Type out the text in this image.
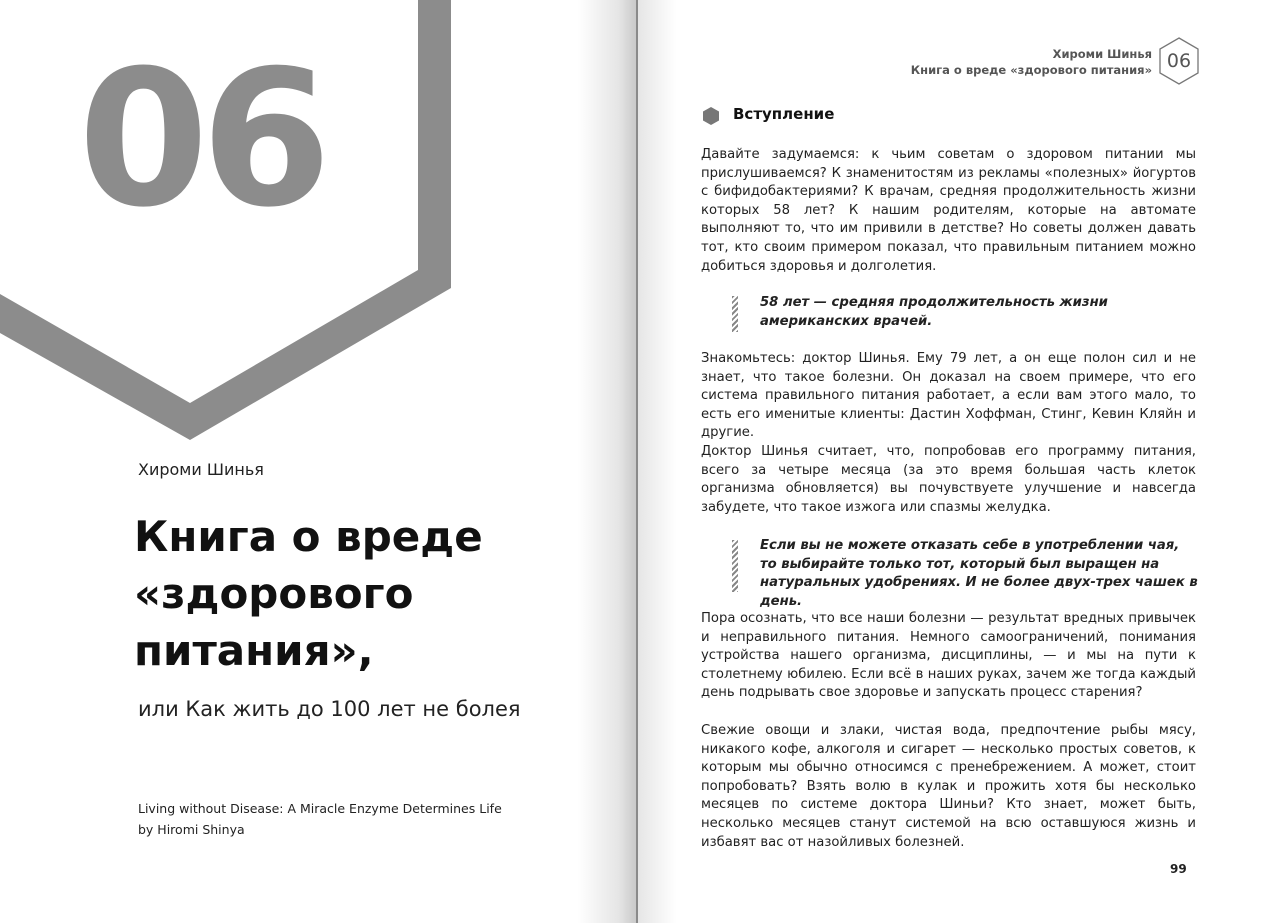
06
Хироми Шинья
Книга о вреде
«здорового
питания»,
или Как жить до 100 лет не болея
Living without Disease: A Miracle Enzyme Determines Life
by Hiromi Shinya
Хироми Шинья
Книга о вреде «здорового питания» 06
Вступление
Давайте задумаемся: к чьим советам о здоровом питании мы прислушиваемся? К знаменитостям из рекламы «полезных» йогуртов с бифидобактериями? К врачам, средняя продолжительность жизни которых 58 лет? К нашим родителям, которые на автомате выполняют то, что им привили в детстве? Но советы должен давать тот, кто своим примером показал, что правильным питанием можно добиться здоровья и долголетия.
58 лет — средняя продолжительность жизни американских врачей.
Знакомьтесь: доктор Шинья. Ему 79 лет, а он еще полон сил и не знает, что такое болезни. Он доказал на своем примере, что его система правильного питания работает, а если вам этого мало, то есть его именитые клиенты: Дастин Хоффман, Стинг, Кевин Кляйн и другие.
Доктор Шинья считает, что, попробовав его программу питания, всего за четыре месяца (за это время большая часть клеток организма обновляется) вы почувствуете улучшение и навсегда забудете, что такое изжога или спазмы желудка.
Если вы не можете отказать себе в употреблении чая, то выбирайте только тот, который был выращен на натуральных удобрениях. И не более двух-трех чашек в день.
Пора осознать, что все наши болезни — результат вредных привычек и неправильного питания. Немного самоограничений, понимания устройства нашего организма, дисциплины, — и мы на пути к столетнему юбилею. Если всё в наших руках, зачем же тогда каждый день подрывать свое здоровье и запускать процесс старения?
Свежие овощи и злаки, чистая вода, предпочтение рыбы мясу, никакого кофе, алкоголя и сигарет — несколько простых советов, к которым мы обычно относимся с пренебрежением. А может, стоит попробовать? Взять волю в кулак и прожить хотя бы несколько месяцев по системе доктора Шиньи? Кто знает, может быть, несколько месяцев станут системой на всю оставшуюся жизнь и избавят вас от назойливых болезней.
99
